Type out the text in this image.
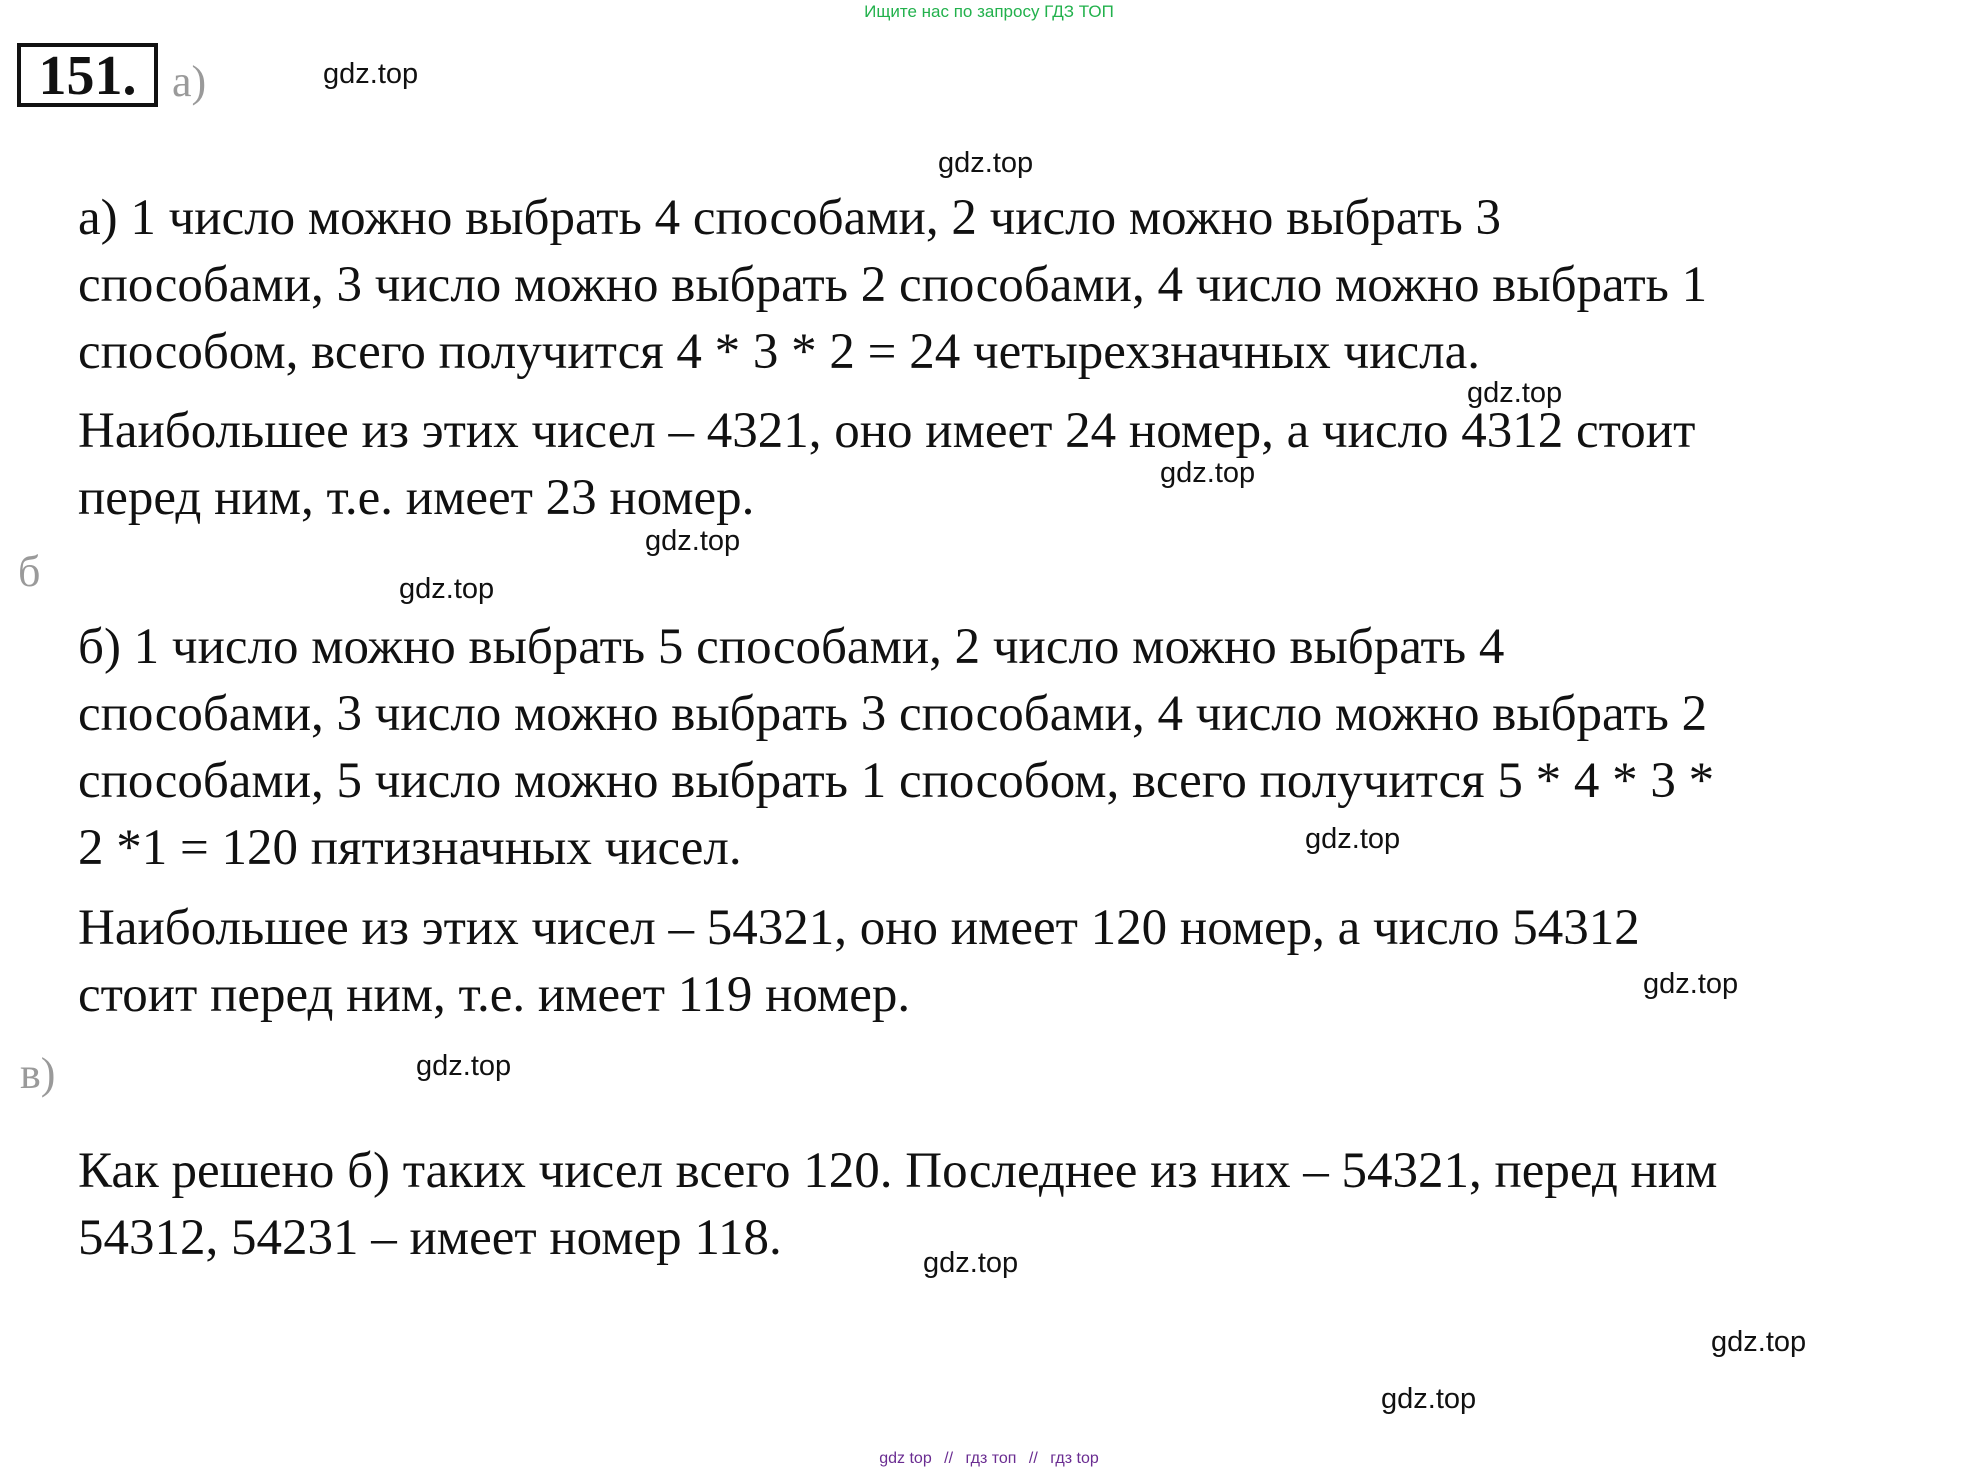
Ищите нас по запросу ГДЗ ТОП
151. а)
б
в)
а) 1 число можно выбрать 4 способами, 2 число можно выбрать 3
способами, 3 число можно выбрать 2 способами, 4 число можно выбрать 1
способом, всего получится 4 * 3 * 2 = 24 четырехзначных числа.
Наибольшее из этих чисел – 4321, оно имеет 24 номер, а число 4312 стоит
перед ним, т.е. имеет 23 номер.
б) 1 число можно выбрать 5 способами, 2 число можно выбрать 4
способами, 3 число можно выбрать 3 способами, 4 число можно выбрать 2
способами, 5 число можно выбрать 1 способом, всего получится 5 * 4 * 3 *
2 *1 = 120 пятизначных чисел.
Наибольшее из этих чисел – 54321, оно имеет 120 номер, а число 54312
стоит перед ним, т.е. имеет 119 номер.
Как решено б) таких чисел всего 120. Последнее из них – 54321, перед ним
54312, 54231 – имеет номер 118.
gdz.top
gdz.top
gdz.top
gdz.top
gdz.top
gdz.top
gdz.top
gdz.top
gdz.top
gdz.top
gdz.top
gdz.top
gdz top // гдз топ // гдз top
